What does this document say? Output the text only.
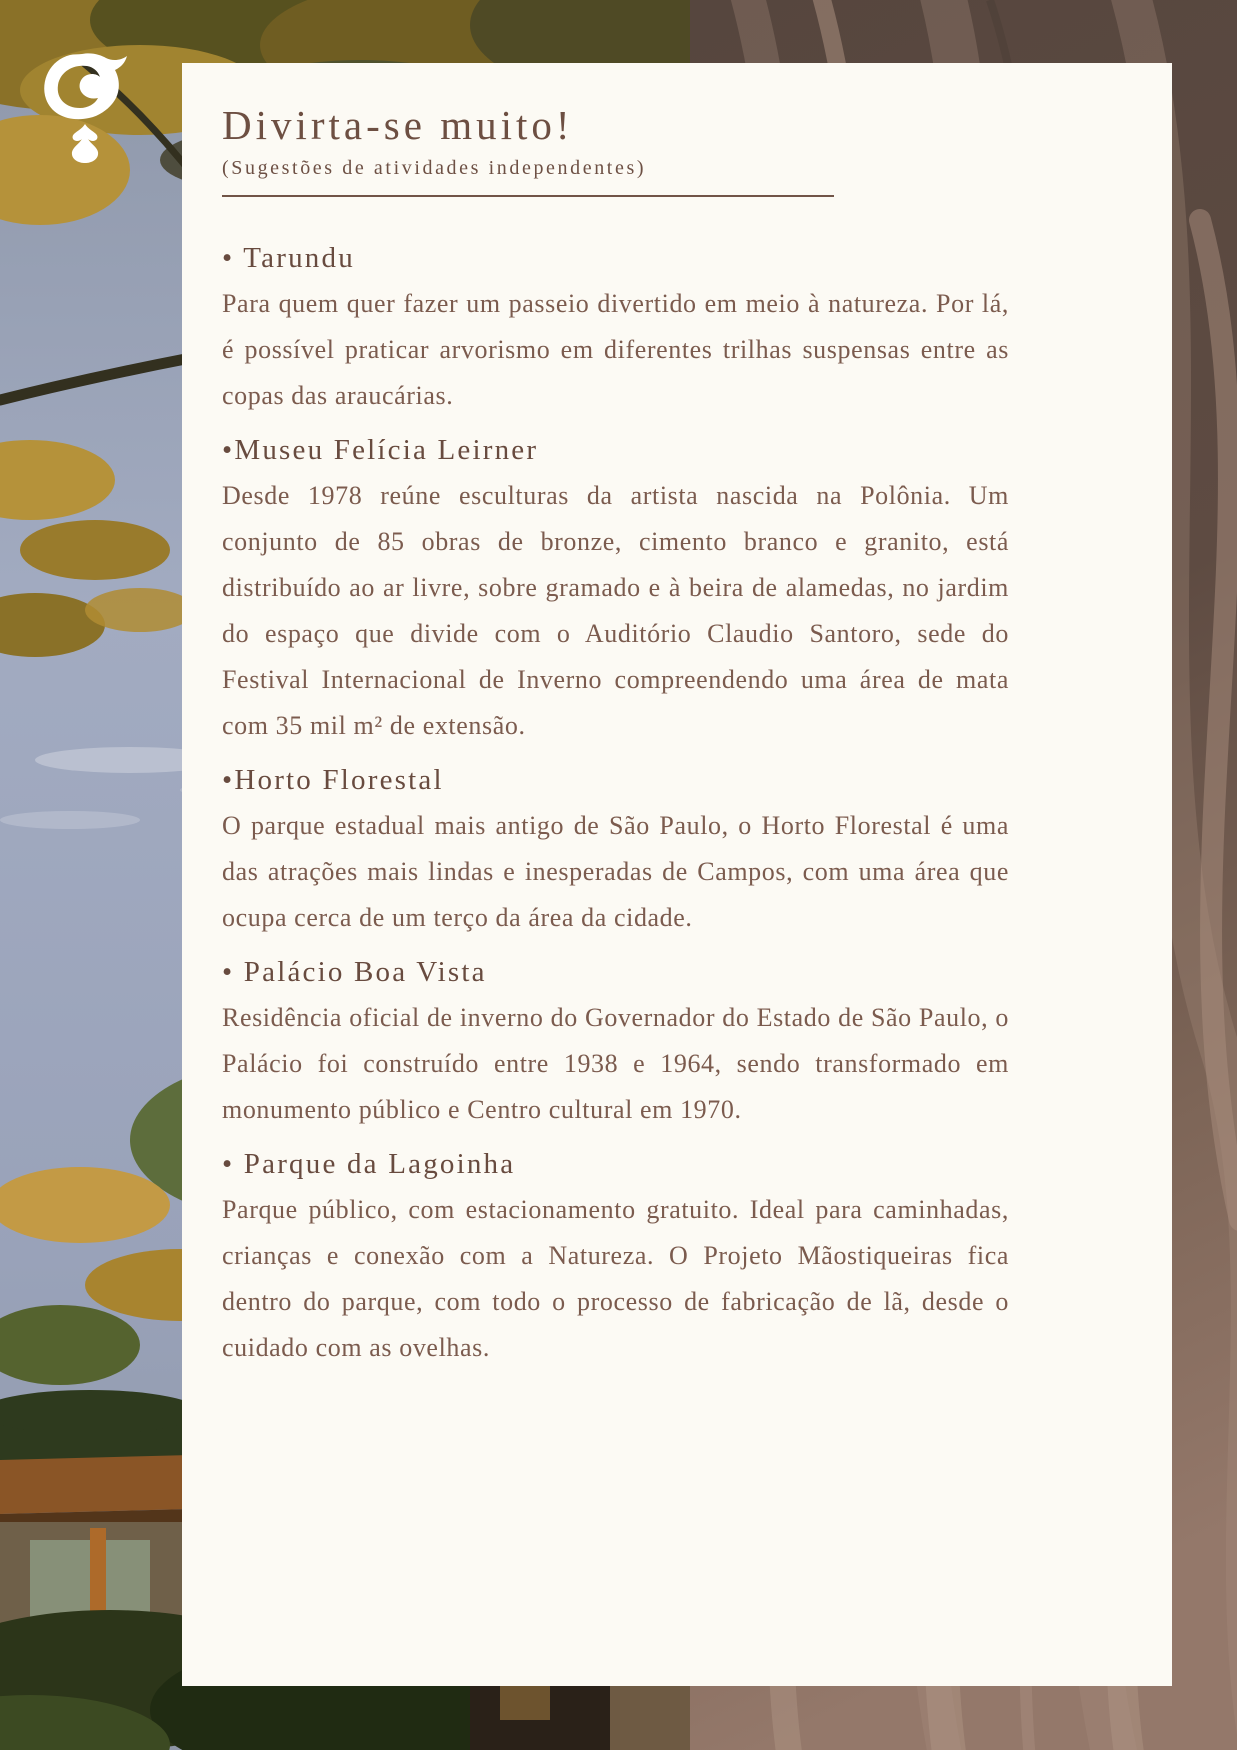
Divirta-se muito!
(Sugestões de atividades independentes)
• Tarundu
Para quem quer fazer um passeio divertido em meio à natureza. Por lá, é possível praticar arvorismo em diferentes trilhas suspensas entre as copas das araucárias.
•Museu Felícia Leirner
Desde 1978 reúne esculturas da artista nascida na Polônia. Um conjunto de 85 obras de bronze, cimento branco e granito, está distribuído ao ar livre, sobre gramado e à beira de alamedas, no jardim do espaço que divide com o Auditório Claudio Santoro, sede do Festival Internacional de Inverno compreendendo uma área de mata com 35 mil m² de extensão.
•Horto Florestal
O parque estadual mais antigo de São Paulo, o Horto Florestal é uma das atrações mais lindas e inesperadas de Campos, com uma área que ocupa cerca de um terço da área da cidade.
• Palácio Boa Vista
Residência oficial de inverno do Governador do Estado de São Paulo, o Palácio foi construído entre 1938 e 1964, sendo transformado em monumento público e Centro cultural em 1970.
• Parque da Lagoinha
Parque público, com estacionamento gratuito. Ideal para caminhadas, crianças e conexão com a Natureza. O Projeto Mãostiqueiras fica dentro do parque, com todo o processo de fabricação de lã, desde o cuidado com as ovelhas.
